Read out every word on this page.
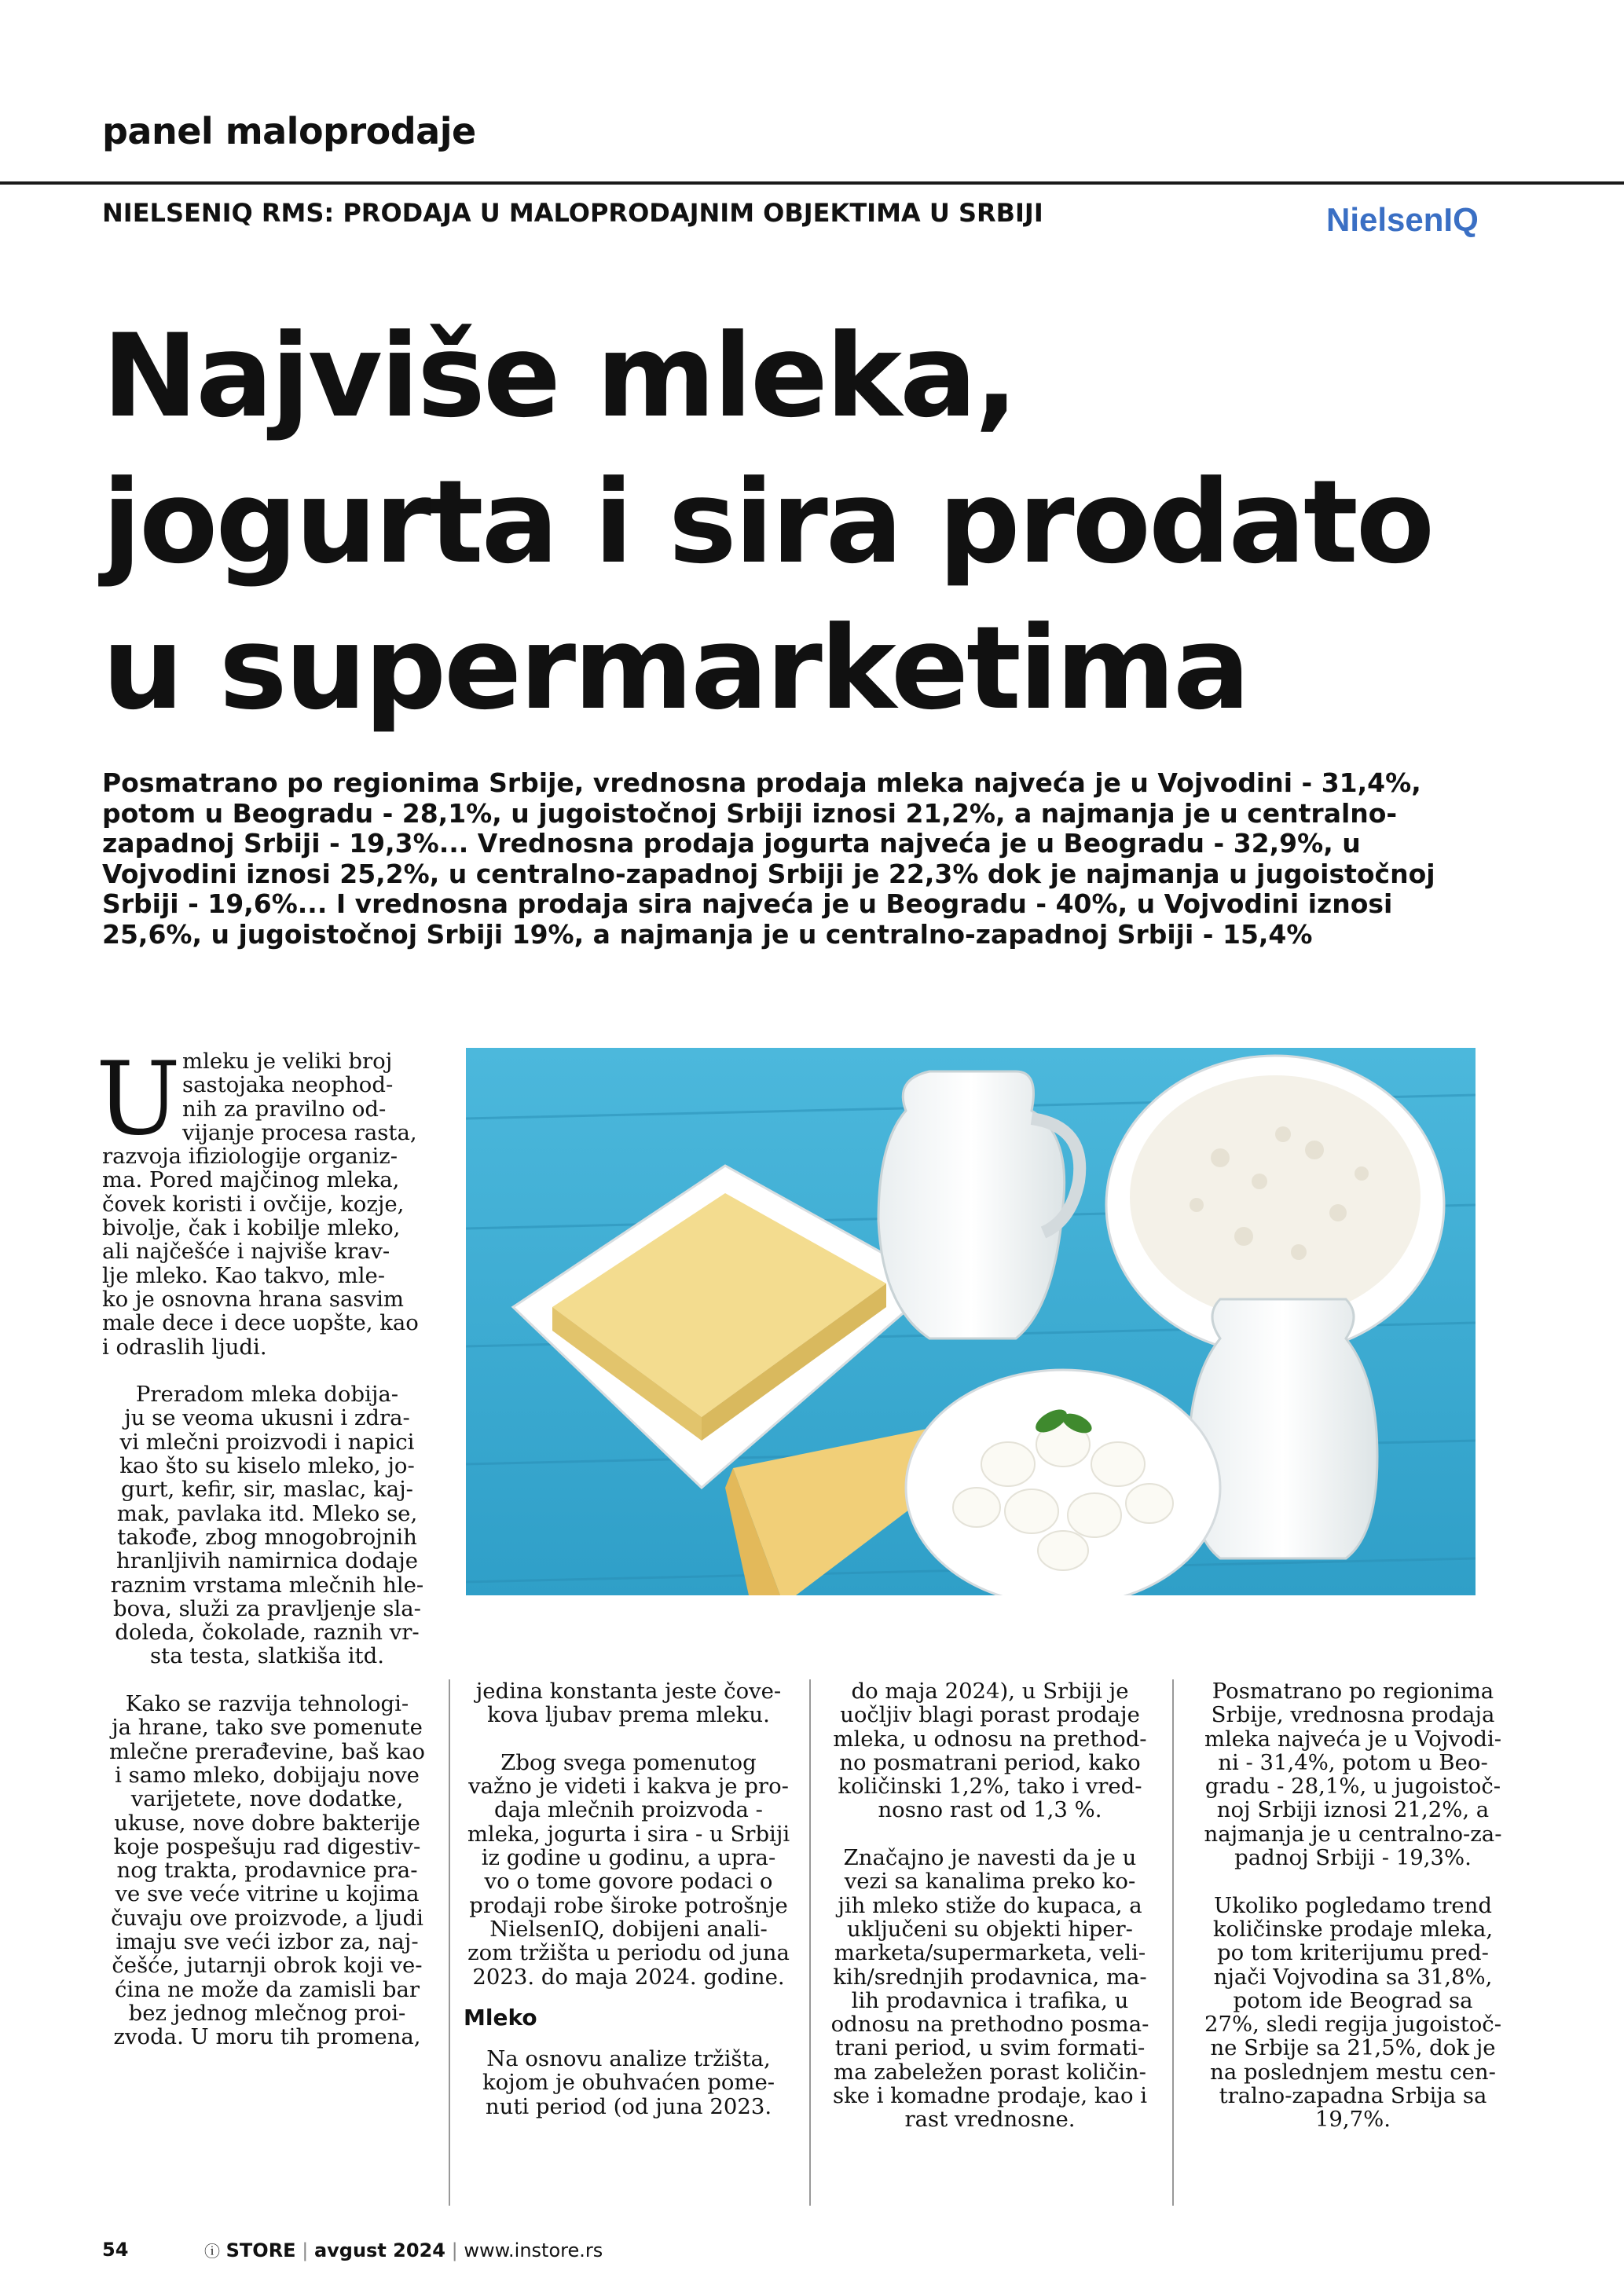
panel maloprodaje
NIELSENIQ RMS: PRODAJA U MALOPRODAJNIM OBJEKTIMA U SRBIJI	NielsenIQ
Najviše mleka,
jogurta i sira prodato
u supermarketima
Posmatrano po regionima Srbije, vrednosna prodaja mleka najveća je u Vojvodini - 31,4%,
potom u Beogradu - 28,1%, u jugoistočnoj Srbiji iznosi 21,2%, a najmanja je u centralno-
zapadnoj Srbiji - 19,3%... Vrednosna prodaja jogurta najveća je u Beogradu - 32,9%, u
Vojvodini iznosi 25,2%, u centralno-zapadnoj Srbiji je 22,3% dok je najmanja u jugoistočnoj
Srbiji - 19,6%... I vrednosna prodaja sira najveća je u Beogradu - 40%, u Vojvodini iznosi
25,6%, u jugoistočnoj Srbiji 19%, a najmanja je u centralno-zapadnoj Srbiji - 15,4%
U mleku je veliki broj
sastojaka neophod-
nih za pravilno od-
vijanje procesa rasta,
razvoja ifiziologije organiz-
ma. Pored majčinog mleka,
čovek koristi i ovčije, kozje,
bivolje, čak i kobilje mleko,
ali najčešće i najviše krav-
lje mleko. Kao takvo, mle-
ko je osnovna hrana sasvim
male dece i dece uopšte, kao
i odraslih ljudi.
Preradom mleka dobija-
ju se veoma ukusni i zdra-
vi mlečni proizvodi i napici
kao što su kiselo mleko, jo-
gurt, kefir, sir, maslac, kaj-
mak, pavlaka itd. Mleko se,
takođe, zbog mnogobrojnih
hranljivih namirnica dodaje
raznim vrstama mlečnih hle-
bova, služi za pravljenje sla-
doleda, čokolade, raznih vr-
sta testa, slatkiša itd.
Kako se razvija tehnologi-
ja hrane, tako sve pomenute
mlečne prerađevine, baš kao
i samo mleko, dobijaju nove
varijetete, nove dodatke,
ukuse, nove dobre bakterije
koje pospešuju rad digestiv-
nog trakta, prodavnice pra-
ve sve veće vitrine u kojima
čuvaju ove proizvode, a ljudi
imaju sve veći izbor za, naj-
češće, jutarnji obrok koji ve-
ćina ne može da zamisli bar
bez jednog mlečnog proi-
zvoda. U moru tih promena,
jedina konstanta jeste čove-
kova ljubav prema mleku.
Zbog svega pomenutog
važno je videti i kakva je pro-
daja mlečnih proizvoda -
mleka, jogurta i sira - u Srbiji
iz godine u godinu, a upra-
vo o tome govore podaci o
prodaji robe široke potrošnje
NielsenIQ, dobijeni anali-
zom tržišta u periodu od juna
2023. do maja 2024. godine.
Mleko
Na osnovu analize tržišta,
kojom je obuhvaćen pome-
nuti period (od juna 2023.
do maja 2024), u Srbiji je
uočljiv blagi porast prodaje
mleka, u odnosu na prethod-
no posmatrani period, kako
količinski 1,2%, tako i vred-
nosno rast od 1,3 %.
Značajno je navesti da je u
vezi sa kanalima preko ko-
jih mleko stiže do kupaca, a
uključeni su objekti hiper-
marketa/supermarketa, veli-
kih/srednjih prodavnica, ma-
lih prodavnica i trafika, u
odnosu na prethodno posma-
trani period, u svim formati-
ma zabeležen porast količin-
ske i komadne prodaje, kao i
rast vrednosne.
Posmatrano po regionima
Srbije, vrednosna prodaja
mleka najveća je u Vojvodi-
ni - 31,4%, potom u Beo-
gradu - 28,1%, u jugoistoč-
noj Srbiji iznosi 21,2%, a
najmanja je u centralno-za-
padnoj Srbiji - 19,3%.
Ukoliko pogledamo trend
količinske prodaje mleka,
po tom kriterijumu pred-
njači Vojvodina sa 31,8%,
potom ide Beograd sa
27%, sledi regija jugoistoč-
ne Srbije sa 21,5%, dok je
na poslednjem mestu cen-
tralno-zapadna Srbija sa
19,7%.
54	ⓘ STORE | avgust 2024 | www.instore.rs
